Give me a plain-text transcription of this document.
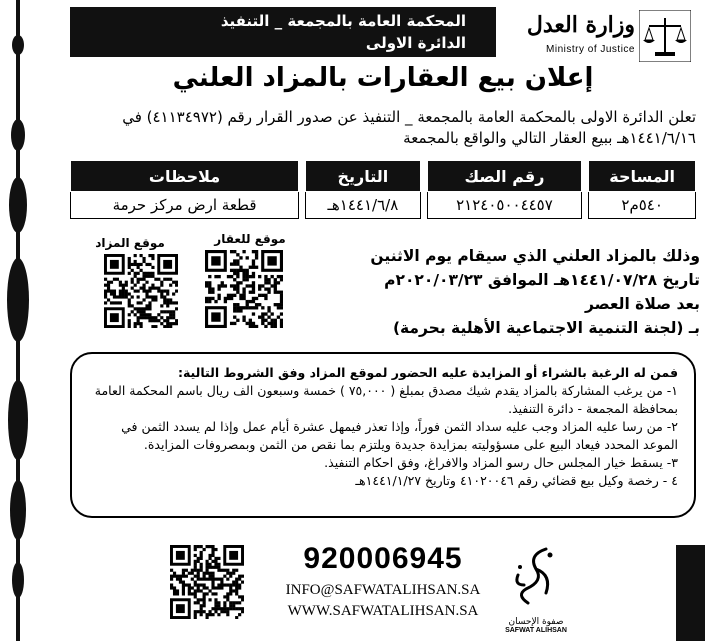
المحكمة العامة بالمجمعة _ التنفيذ
الدائرة الاولى
وزارة العدل
Ministry of Justice
إعلان بيع العقارات بالمزاد العلني
تعلن الدائرة الاولى بالمحكمة العامة بالمجمعة _ التنفيذ عن صدور القرار رقم (٤١١٣٤٩٧٢) في ١٤٤١/٦/١٦هـ ببيع العقار التالي والواقع بالمجمعة
المساحة		رقم الصك		التاريخ		ملاحظات
٥٤٠م٢		٢١٢٤٠٥٠٠٤٤٥٧		١٤٤١/٦/٨هـ		قطعة ارض مركز حرمة
موقع للعقار
موقع المزاد
وذلك بالمزاد العلني الذي سيقام يوم الاثنين
تاريخ ١٤٤١/٠٧/٢٨هـ الموافق ٢٠٢٠/٠٣/٢٣م
بعد صلاة العصر
بـ (لجنة التنمية الاجتماعية الأهلية بحرمة)
فمن له الرغبة بالشراء أو المزايدة عليه الحضور لموقع المزاد وفق الشروط التالية:
١- من يرغب المشاركة بالمزاد يقدم شيك مصدق بمبلغ ( ٧٥,٠٠٠ ) خمسة وسبعون الف ريال باسم المحكمة العامة بمحافظة المجمعة - دائرة التنفيذ.
٢- من رسا عليه المزاد وجب عليه سداد الثمن فوراً، وإذا تعذر فيمهل عشرة أيام عمل وإذا لم يسدد الثمن في الموعد المحدد فيعاد البيع على مسؤوليته بمزايدة جديدة ويلتزم بما نقص من الثمن وبمصروفات المزايدة.
٣- يسقط خيار المجلس حال رسو المزاد والافراغ، وفق احكام التنفيذ.
٤ - رخصة وكيل بيع قضائي رقم ٤١٠٢٠٠٤٦ وتاريخ ١٤٤١/١/٢٧هـ
920006945
INFO@SAFWATALIHSAN.SA
WWW.SAFWATALIHSAN.SA
صفوة الإحسان
SAFWAT ALIHSAN
